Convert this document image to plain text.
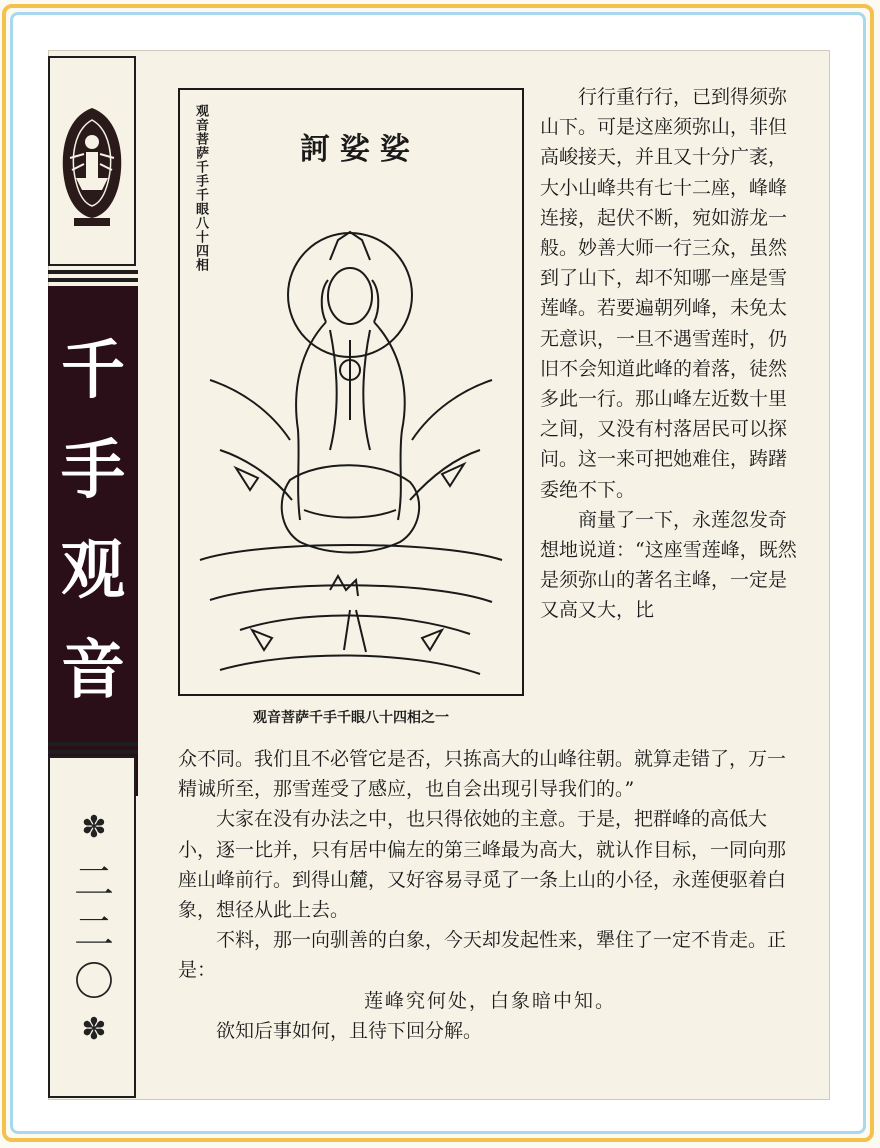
千
手
观
音
✽
二
二
〇
✽
观音菩萨千手千眼八十四相	訶娑娑
观音菩萨千手千眼八十四相之一

　　行行重行行，已到得须弥山下。可是这座须弥山，非但高峻接天，并且又十分广袤，大小山峰共有七十二座，峰峰连接，起伏不断，宛如游龙一般。妙善大师一行三众，虽然到了山下，却不知哪一座是雪莲峰。若要遍朝列峰，未免太无意识，一旦不遇雪莲时，仍旧不会知道此峰的着落，徒然多此一行。那山峰左近数十里之间，又没有村落居民可以探问。这一来可把她难住，踌躇委绝不下。

　　商量了一下，永莲忽发奇想地说道：“这座雪莲峰，既然是须弥山的著名主峰，一定是又高又大，比

众不同。我们且不必管它是否，只拣高大的山峰往朝。就算走错了，万一精诚所至，那雪莲受了感应，也自会出现引导我们的。”

　　大家在没有办法之中，也只得依她的主意。于是，把群峰的高低大小，逐一比并，只有居中偏左的第三峰最为高大，就认作目标，一同向那座山峰前行。到得山麓，又好容易寻觅了一条上山的小径，永莲便驱着白象，想径从此上去。

　　不料，那一向驯善的白象，今天却发起性来，犟住了一定不肯走。正是：

莲峰究何处，白象暗中知。

　　欲知后事如何，且待下回分解。
